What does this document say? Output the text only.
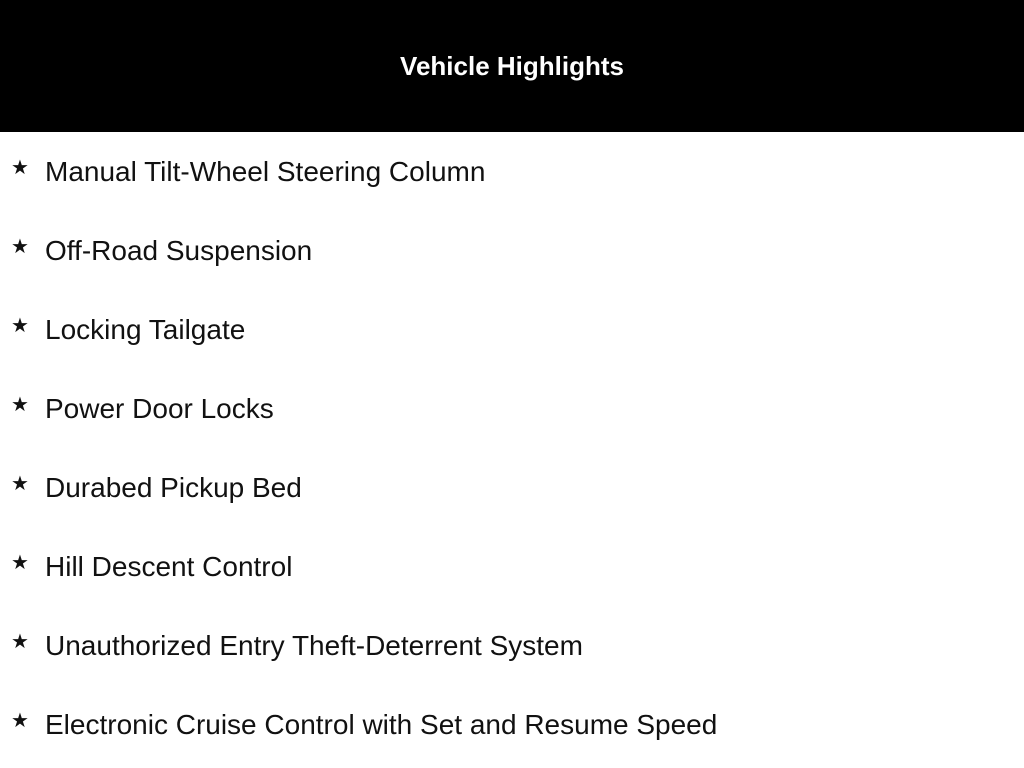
Vehicle Highlights
★ Manual Tilt-Wheel Steering Column
★ Off-Road Suspension
★ Locking Tailgate
★ Power Door Locks
★ Durabed Pickup Bed
★ Hill Descent Control
★ Unauthorized Entry Theft-Deterrent System
★ Electronic Cruise Control with Set and Resume Speed
